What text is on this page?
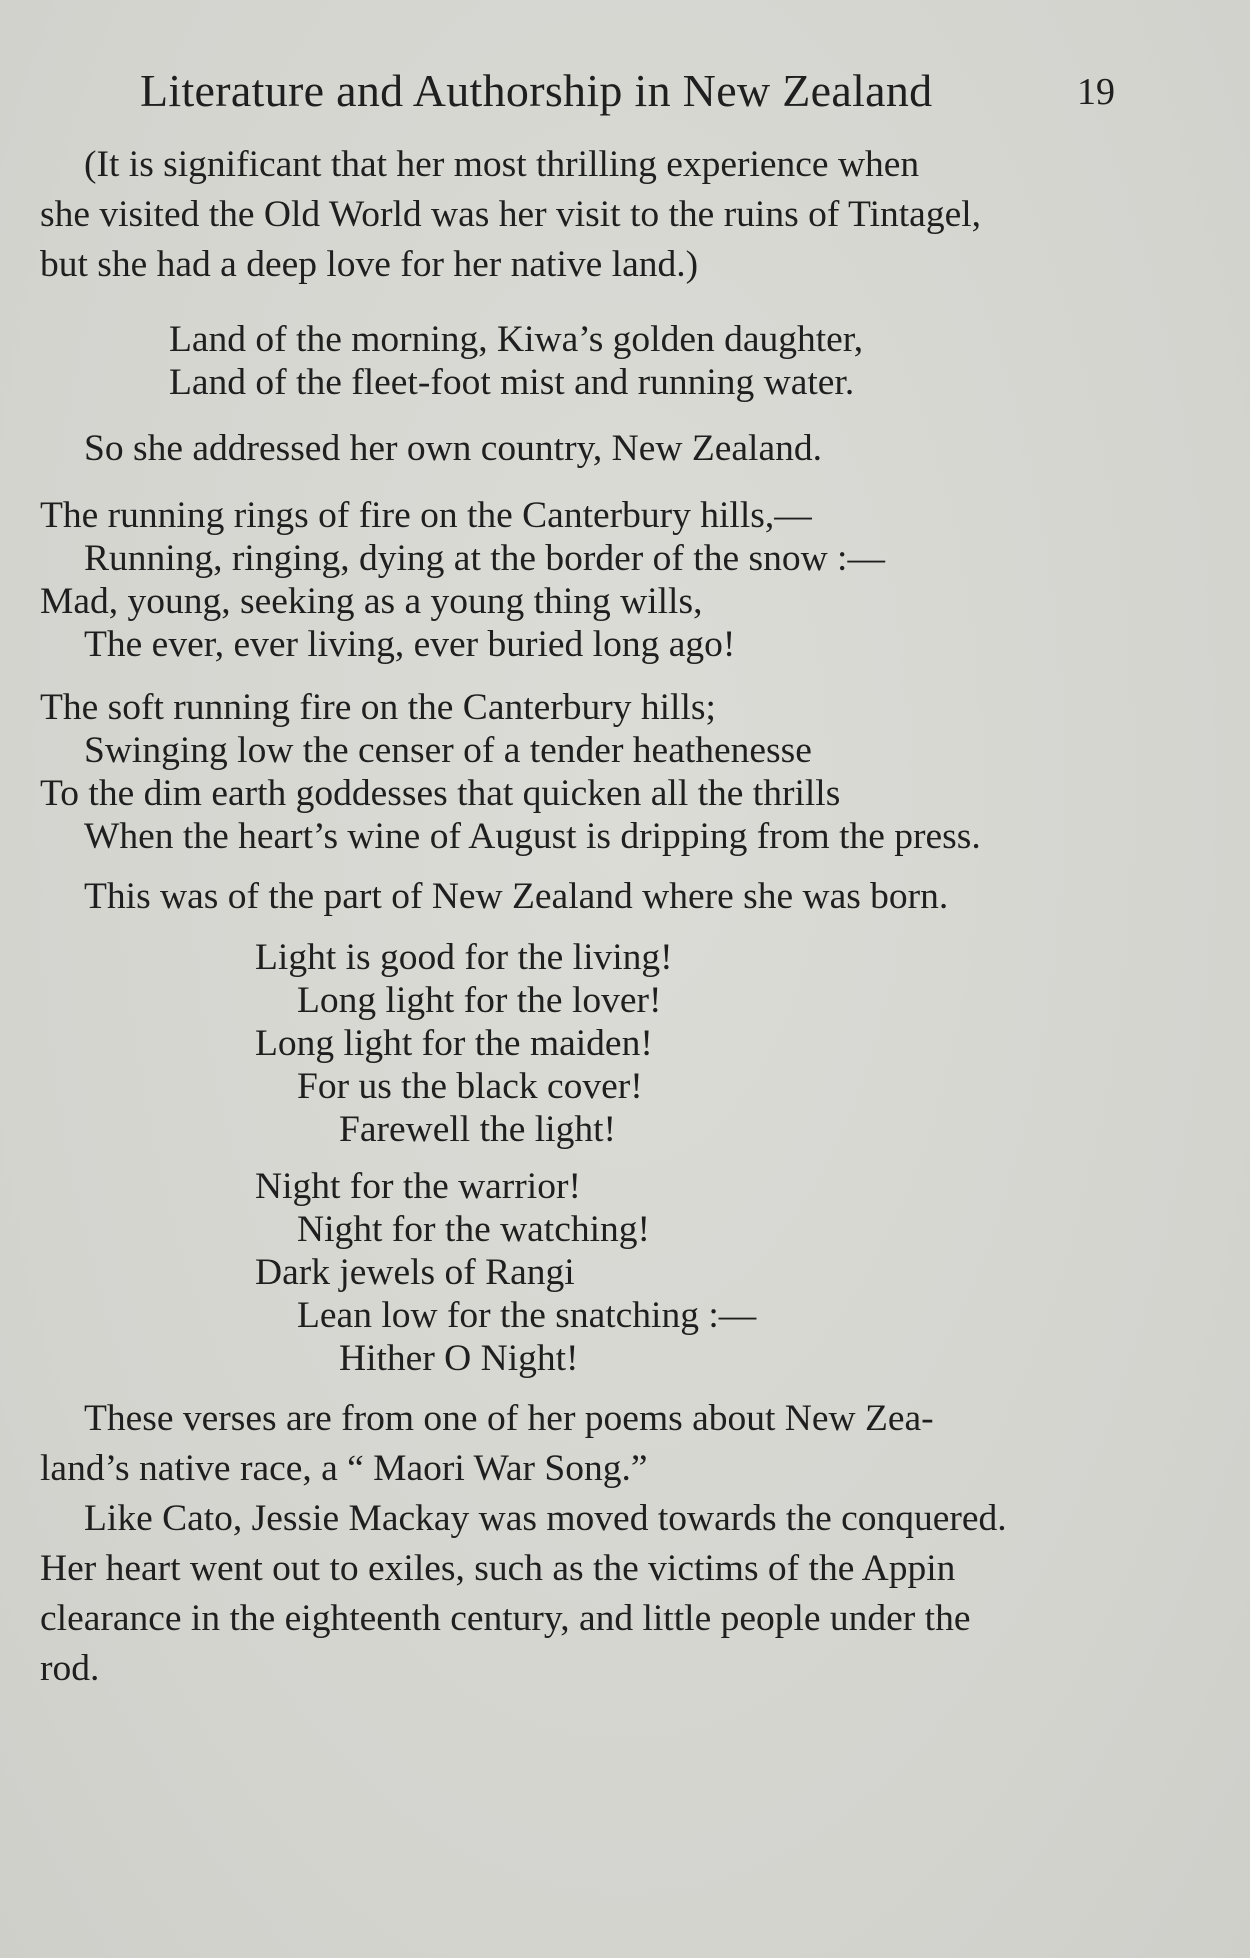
Literature and Authorship in New Zealand	19
(It is significant that her most thrilling experience when
she visited the Old World was her visit to the ruins of Tintagel,
but she had a deep love for her native land.)
Land of the morning, Kiwa’s golden daughter,
Land of the fleet-foot mist and running water.
So she addressed her own country, New Zealand.
The running rings of fire on the Canterbury hills,—
Running, ringing, dying at the border of the snow :—
Mad, young, seeking as a young thing wills,
The ever, ever living, ever buried long ago!
The soft running fire on the Canterbury hills;
Swinging low the censer of a tender heathenesse
To the dim earth goddesses that quicken all the thrills
When the heart’s wine of August is dripping from the press.
This was of the part of New Zealand where she was born.
Light is good for the living!
Long light for the lover!
Long light for the maiden!
For us the black cover!
Farewell the light!
Night for the warrior!
Night for the watching!
Dark jewels of Rangi
Lean low for the snatching :—
Hither O Night!
These verses are from one of her poems about New Zea-
land’s native race, a “ Maori War Song.”
Like Cato, Jessie Mackay was moved towards the conquered.
Her heart went out to exiles, such as the victims of the Appin
clearance in the eighteenth century, and little people under the
rod.
